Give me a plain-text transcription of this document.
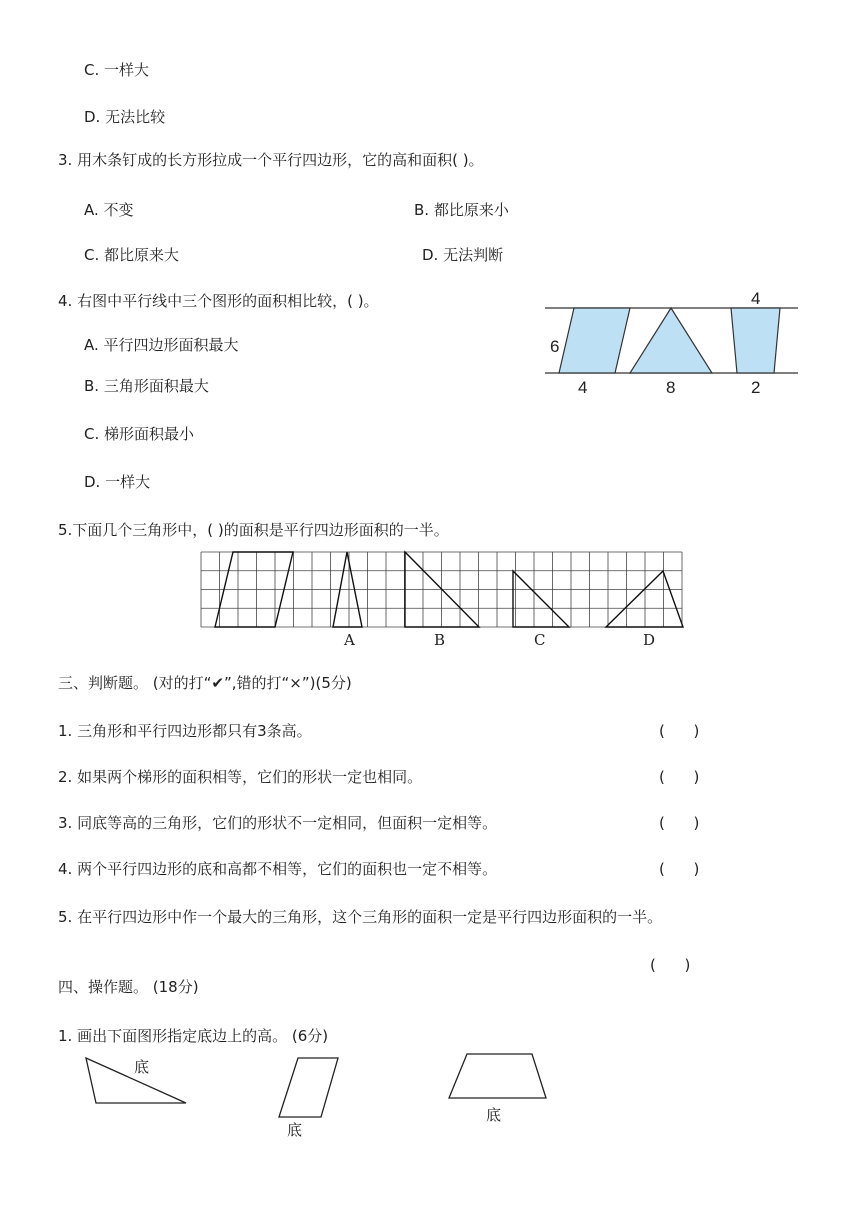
C. 一样大
D. 无法比较
3. 用木条钉成的长方形拉成一个平行四边形，它的高和面积( )。
A. 不变	B. 都比原来小
C. 都比原来大	D. 无法判断
4. 右图中平行线中三个图形的面积相比较，( )。
A. 平行四边形面积最大
B. 三角形面积最大
C. 梯形面积最小
D. 一样大
6
4	8
4
2
5.下面几个三角形中，( )的面积是平行四边形面积的一半。
A	B	C	D
三、判断题。 (对的打“✔”,错的打“×”)(5分)
1. 三角形和平行四边形都只有3条高。	(      )
2. 如果两个梯形的面积相等，它们的形状一定也相同。	(      )
3. 同底等高的三角形，它们的形状不一定相同，但面积一定相等。	(      )
4. 两个平行四边形的底和高都不相等，它们的面积也一定不相等。	(      )
5. 在平行四边形中作一个最大的三角形，这个三角形的面积一定是平行四边形面积的一半。
(      )
四、操作题。 (18分)
1. 画出下面图形指定底边上的高。 (6分)
底
底
底
